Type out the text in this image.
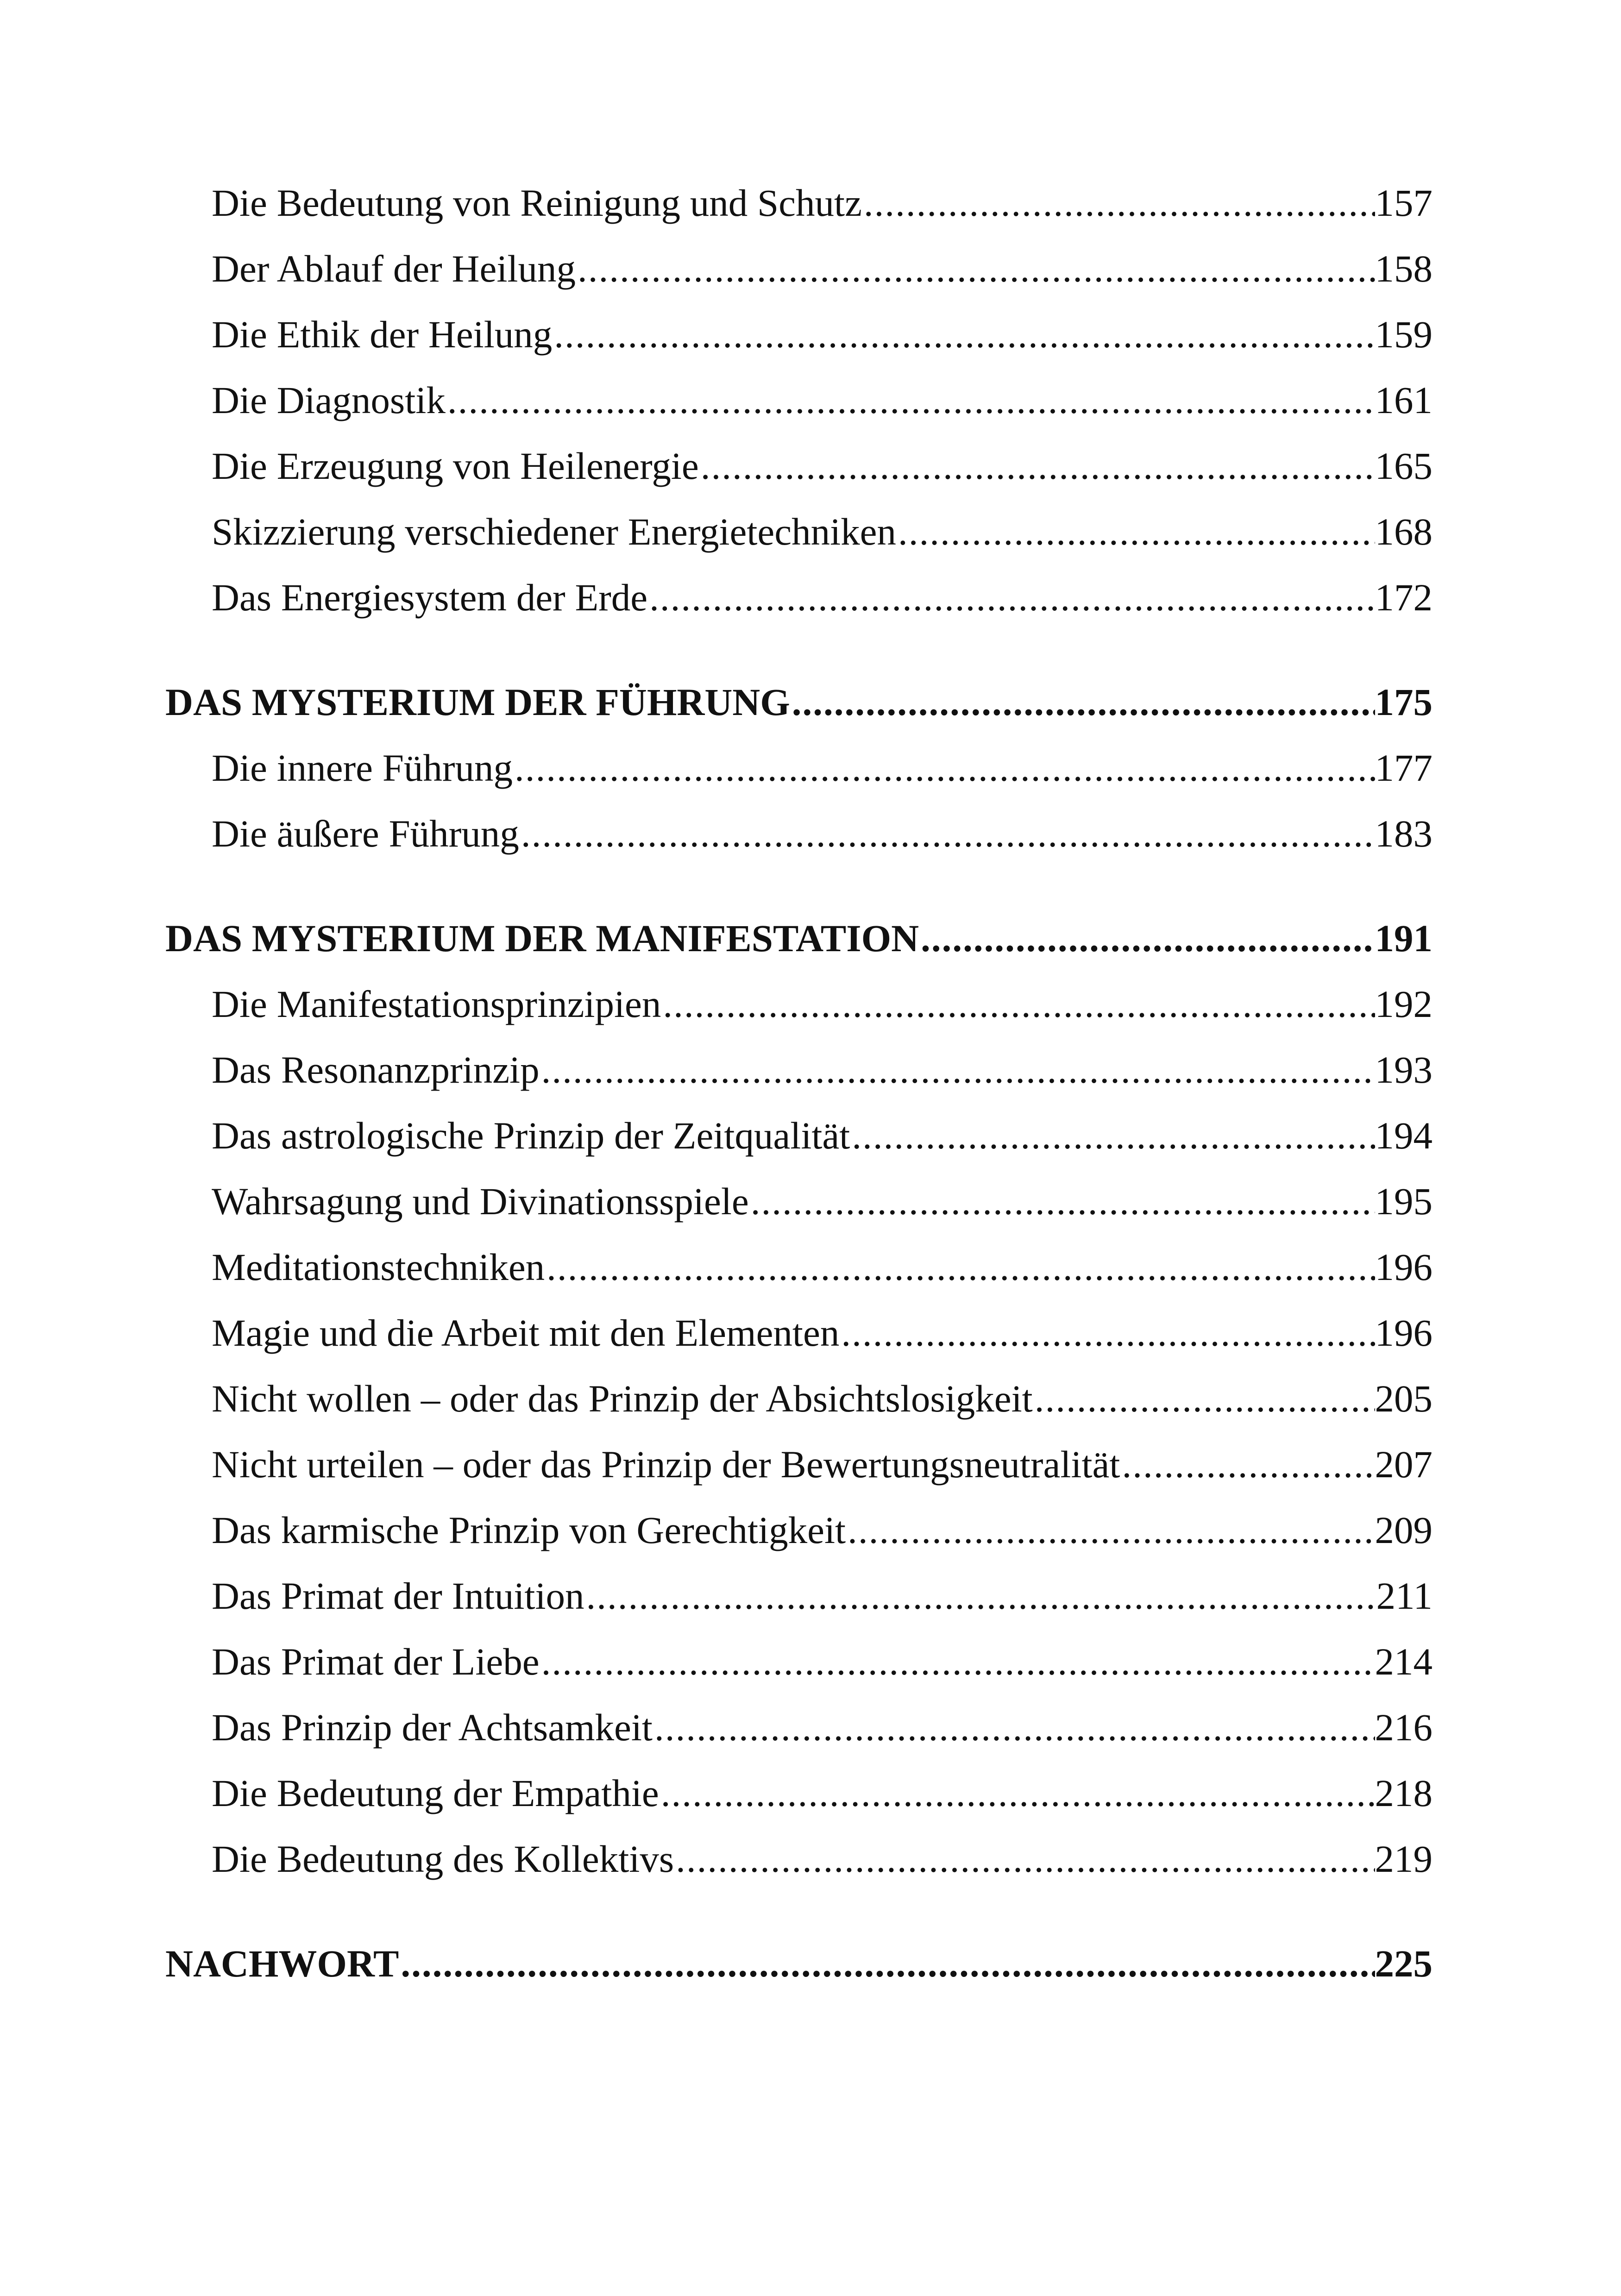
Die Bedeutung von Reinigung und Schutz .....	157
Der Ablauf der Heilung .....	158
Die Ethik der Heilung .....	159
Die Diagnostik .....	161
Die Erzeugung von Heilenergie .....	165
Skizzierung verschiedener Energietechniken .....	168
Das Energiesystem der Erde .....	172
DAS MYSTERIUM DER FÜHRUNG .....	175
Die innere Führung .....	177
Die äußere Führung .....	183
DAS MYSTERIUM DER MANIFESTATION .....	191
Die Manifestationsprinzipien .....	192
Das Resonanzprinzip .....	193
Das astrologische Prinzip der Zeitqualität .....	194
Wahrsagung und Divinationsspiele .....	195
Meditationstechniken .....	196
Magie und die Arbeit mit den Elementen .....	196
Nicht wollen – oder das Prinzip der Absichtslosigkeit .....	205
Nicht urteilen – oder das Prinzip der Bewertungsneutralität .....	207
Das karmische Prinzip von Gerechtigkeit .....	209
Das Primat der Intuition .....	211
Das Primat der Liebe .....	214
Das Prinzip der Achtsamkeit .....	216
Die Bedeutung der Empathie .....	218
Die Bedeutung des Kollektivs .....	219
NACHWORT .....	225
